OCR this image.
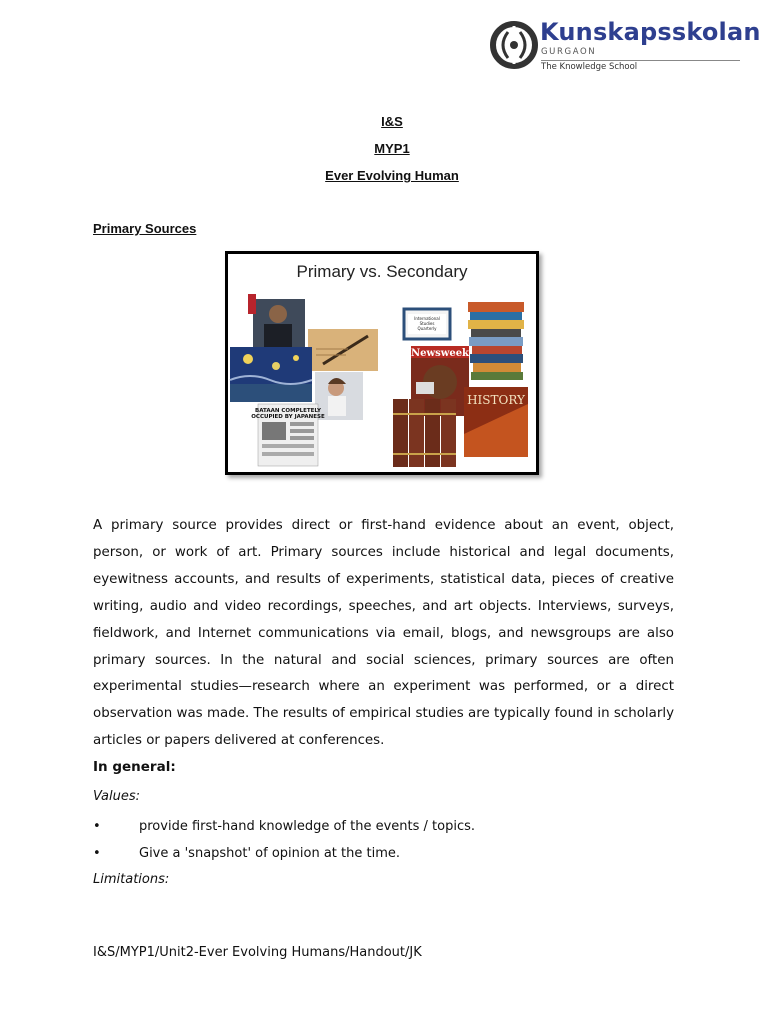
Kunskapsskolan
GURGAON
The Knowledge School
I&S
MYP1
Ever Evolving Human
Primary Sources
Primary vs. Secondary
BATAAN COMPLETELY
OCCUPIED BY JAPANESE
International
Studies
Quarterly
Newsweek
HISTORY
A primary source provides direct or first-hand evidence about an event, object, person, or work of art. Primary sources include historical and legal documents, eyewitness accounts, and results of experiments, statistical data, pieces of creative writing, audio and video recordings, speeches, and art objects. Interviews, surveys, fieldwork, and Internet communications via email, blogs, and newsgroups are also primary sources. In the natural and social sciences, primary sources are often experimental studies—research where an experiment was performed, or a direct observation was made. The results of empirical studies are typically found in scholarly articles or papers delivered at conferences.
In general:
Values:
•	provide first-hand knowledge of the events / topics.
•	Give a 'snapshot' of opinion at the time.
Limitations:
I&S/MYP1/Unit2-Ever Evolving Humans/Handout/JK
